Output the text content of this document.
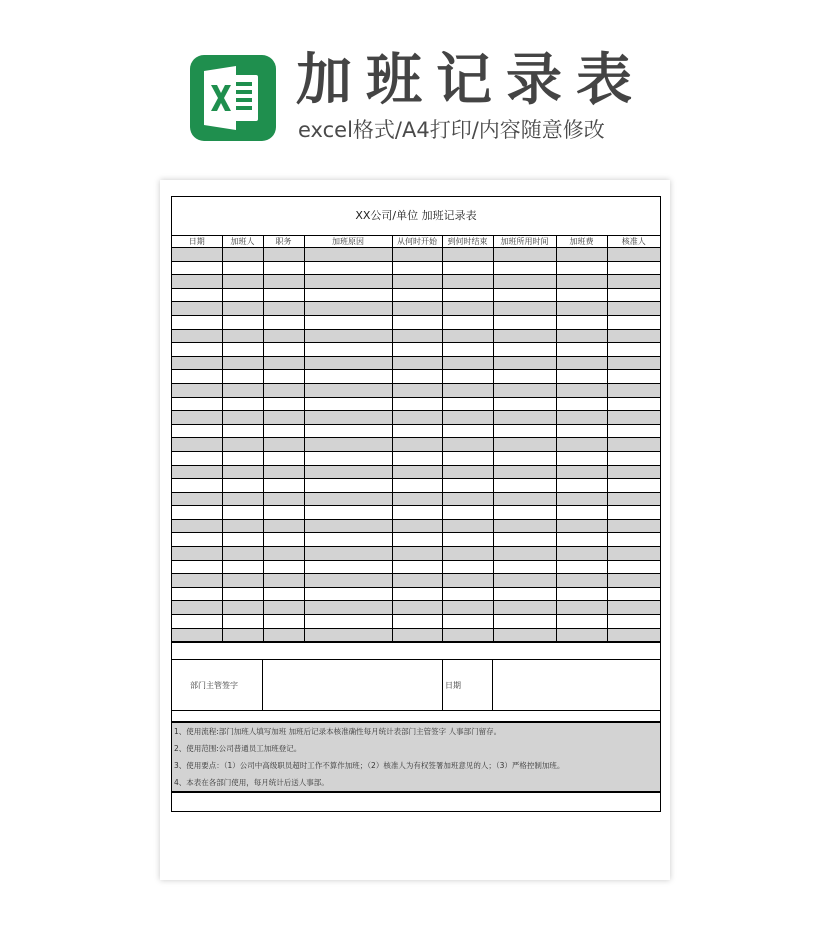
加班记录表
excel格式/A4打印/内容随意修改
XX公司/单位 加班记录表
日期	加班人	职务	加班原因	从何时开始	到何时结束	加班所用时间	加班费	核准人

部门主管签字	日期
1、使用流程:部门加班人填写加班 加班后记录本核准确性每月统计表部门主管签字 人事部门留存。
2、使用范围:公司普通员工加班登记。
3、使用要点：（1）公司中高级职员超时工作不算作加班；（2）核准人为有权签署加班意见的人；（3）严格控制加班。
4、本表在各部门使用，每月统计后送人事部。
